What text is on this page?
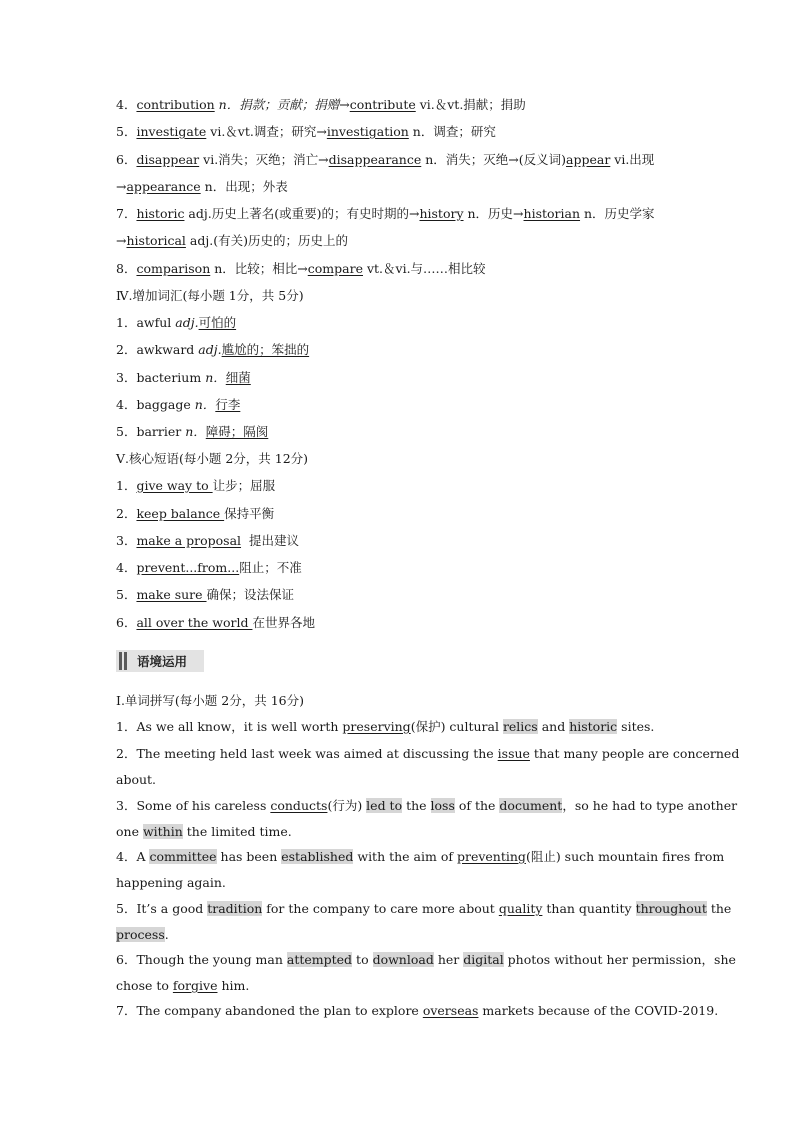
4．contribution n．捐款；贡献；捐赠→contribute vi.＆vt.捐献；捐助
5．investigate vi.＆vt.调查；研究→investigation n．调查；研究
6．disappear vi.消失；灭绝；消亡→disappearance n．消失；灭绝→(反义词)appear vi.出现
→appearance n．出现；外表
7．historic adj.历史上著名(或重要)的；有史时期的→history n．历史→historian n．历史学家
→historical adj.(有关)历史的；历史上的
8．comparison n．比较；相比→compare vt.＆vi.与……相比较
Ⅳ.增加词汇(每小题 1分，共 5分)
1．awful adj.可怕的
2．awkward adj.尴尬的；笨拙的
3．bacterium n．细菌
4．baggage n．行李
5．barrier n．障碍；隔阂
Ⅴ.核心短语(每小题 2分，共 12分)
1．give way to 让步；屈服
2．keep balance 保持平衡
3．make a proposal  提出建议
4．prevent...from...阻止；不准
5．make sure 确保；设法保证
6．all over the world 在世界各地
语境运用
Ⅰ.单词拼写(每小题 2分，共 16分)
1．As we all know，it is well worth preserving(保护) cultural relics and historic sites.
2．The meeting held last week was aimed at discussing the issue that many people are concerned
about.
3．Some of his careless conducts(行为) led to the loss of the document，so he had to type another
one within the limited time.
4．A committee has been established with the aim of preventing(阻止) such mountain fires from
happening again.
5．It’s a good tradition for the company to care more about quality than quantity throughout the
process.
6．Though the young man attempted to download her digital photos without her permission，she
chose to forgive him.
7．The company abandoned the plan to explore overseas markets because of the COVID-2019.
